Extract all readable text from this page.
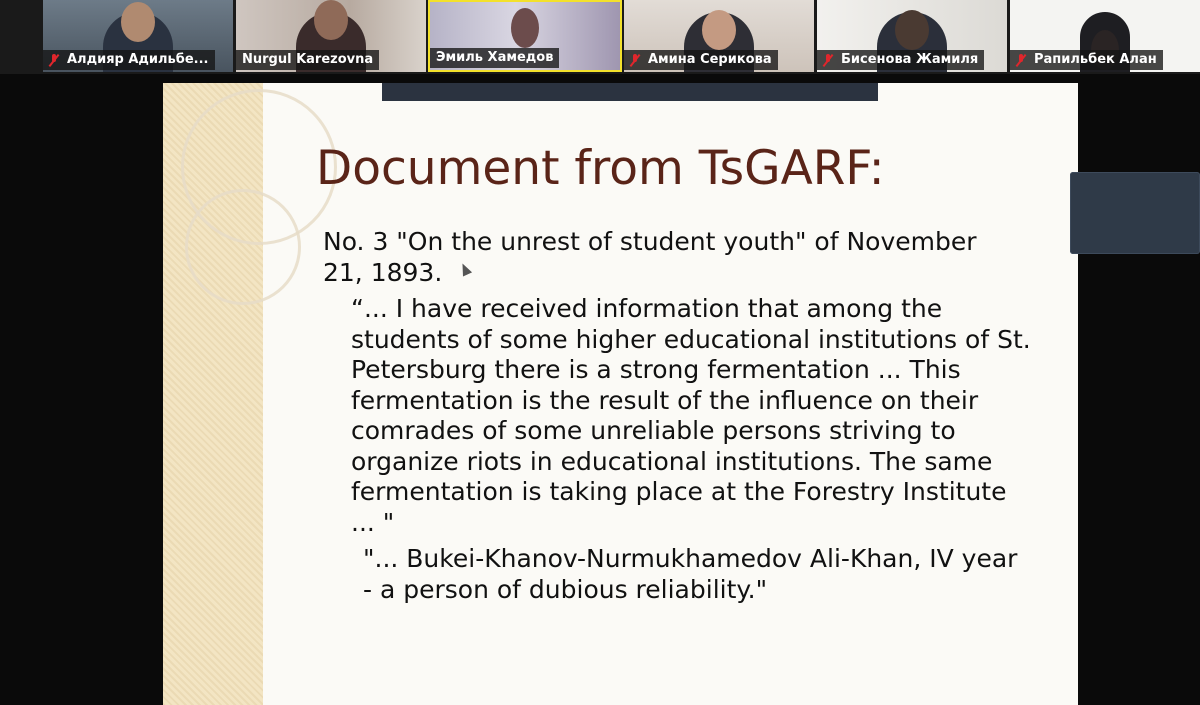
Алдияр Адильбе...	Nurgul Karezovna	Эмиль Хамедов	Амина Серикова	Бисенова Жамиля	Рапильбек Алан
Document from TsGARF:
No. 3 "On the unrest of student youth" of November
21, 1893.
“... I have received information that among the
students of some higher educational institutions of St.
Petersburg there is a strong fermentation ... This
fermentation is the result of the influence on their
comrades of some unreliable persons striving to
organize riots in educational institutions. The same
fermentation is taking place at the Forestry Institute
... "
"... Bukei-Khanov-Nurmukhamedov Ali-Khan, IV year
- a person of dubious reliability."
